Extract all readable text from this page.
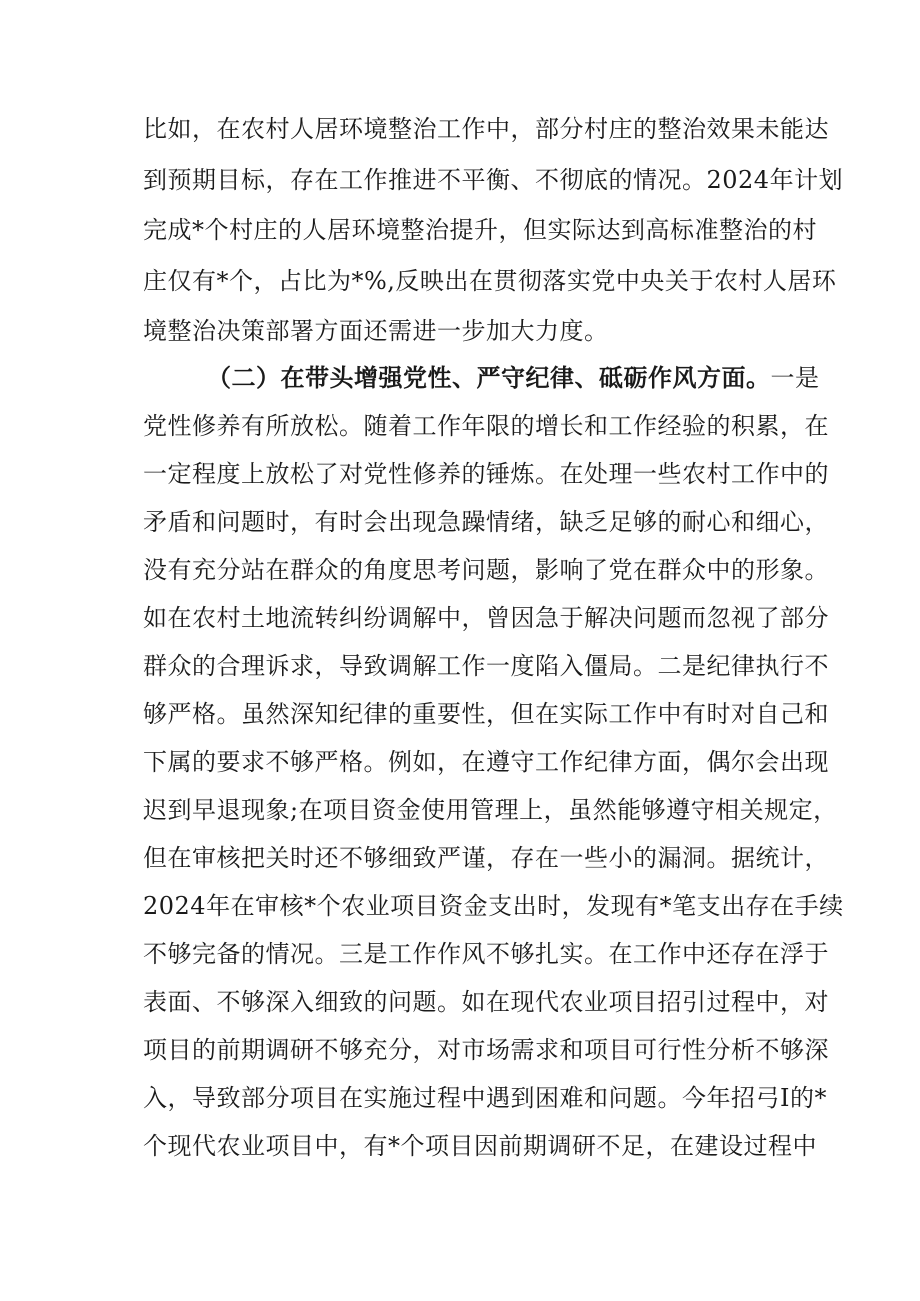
比如，在农村人居环境整治工作中，部分村庄的整治效果未能达
到预期目标，存在工作推进不平衡、不彻底的情况。2024年计划
完成*个村庄的人居环境整治提升，但实际达到高标准整治的村
庄仅有*个，占比为*%,反映出在贯彻落实党中央关于农村人居环
境整治决策部署方面还需进一步加大力度。
（二）在带头增强党性、严守纪律、砥砺作风方面。一是
党性修养有所放松。随着工作年限的增长和工作经验的积累，在
一定程度上放松了对党性修养的锤炼。在处理一些农村工作中的
矛盾和问题时，有时会出现急躁情绪，缺乏足够的耐心和细心，
没有充分站在群众的角度思考问题，影响了党在群众中的形象。
如在农村土地流转纠纷调解中，曾因急于解决问题而忽视了部分
群众的合理诉求，导致调解工作一度陷入僵局。二是纪律执行不
够严格。虽然深知纪律的重要性，但在实际工作中有时对自己和
下属的要求不够严格。例如，在遵守工作纪律方面，偶尔会出现
迟到早退现象;在项目资金使用管理上，虽然能够遵守相关规定，
但在审核把关时还不够细致严谨，存在一些小的漏洞。据统计，
2024年在审核*个农业项目资金支出时，发现有*笔支出存在手续
不够完备的情况。三是工作作风不够扎实。在工作中还存在浮于
表面、不够深入细致的问题。如在现代农业项目招引过程中，对
项目的前期调研不够充分，对市场需求和项目可行性分析不够深
入，导致部分项目在实施过程中遇到困难和问题。今年招弓I的*
个现代农业项目中，有*个项目因前期调研不足，在建设过程中
